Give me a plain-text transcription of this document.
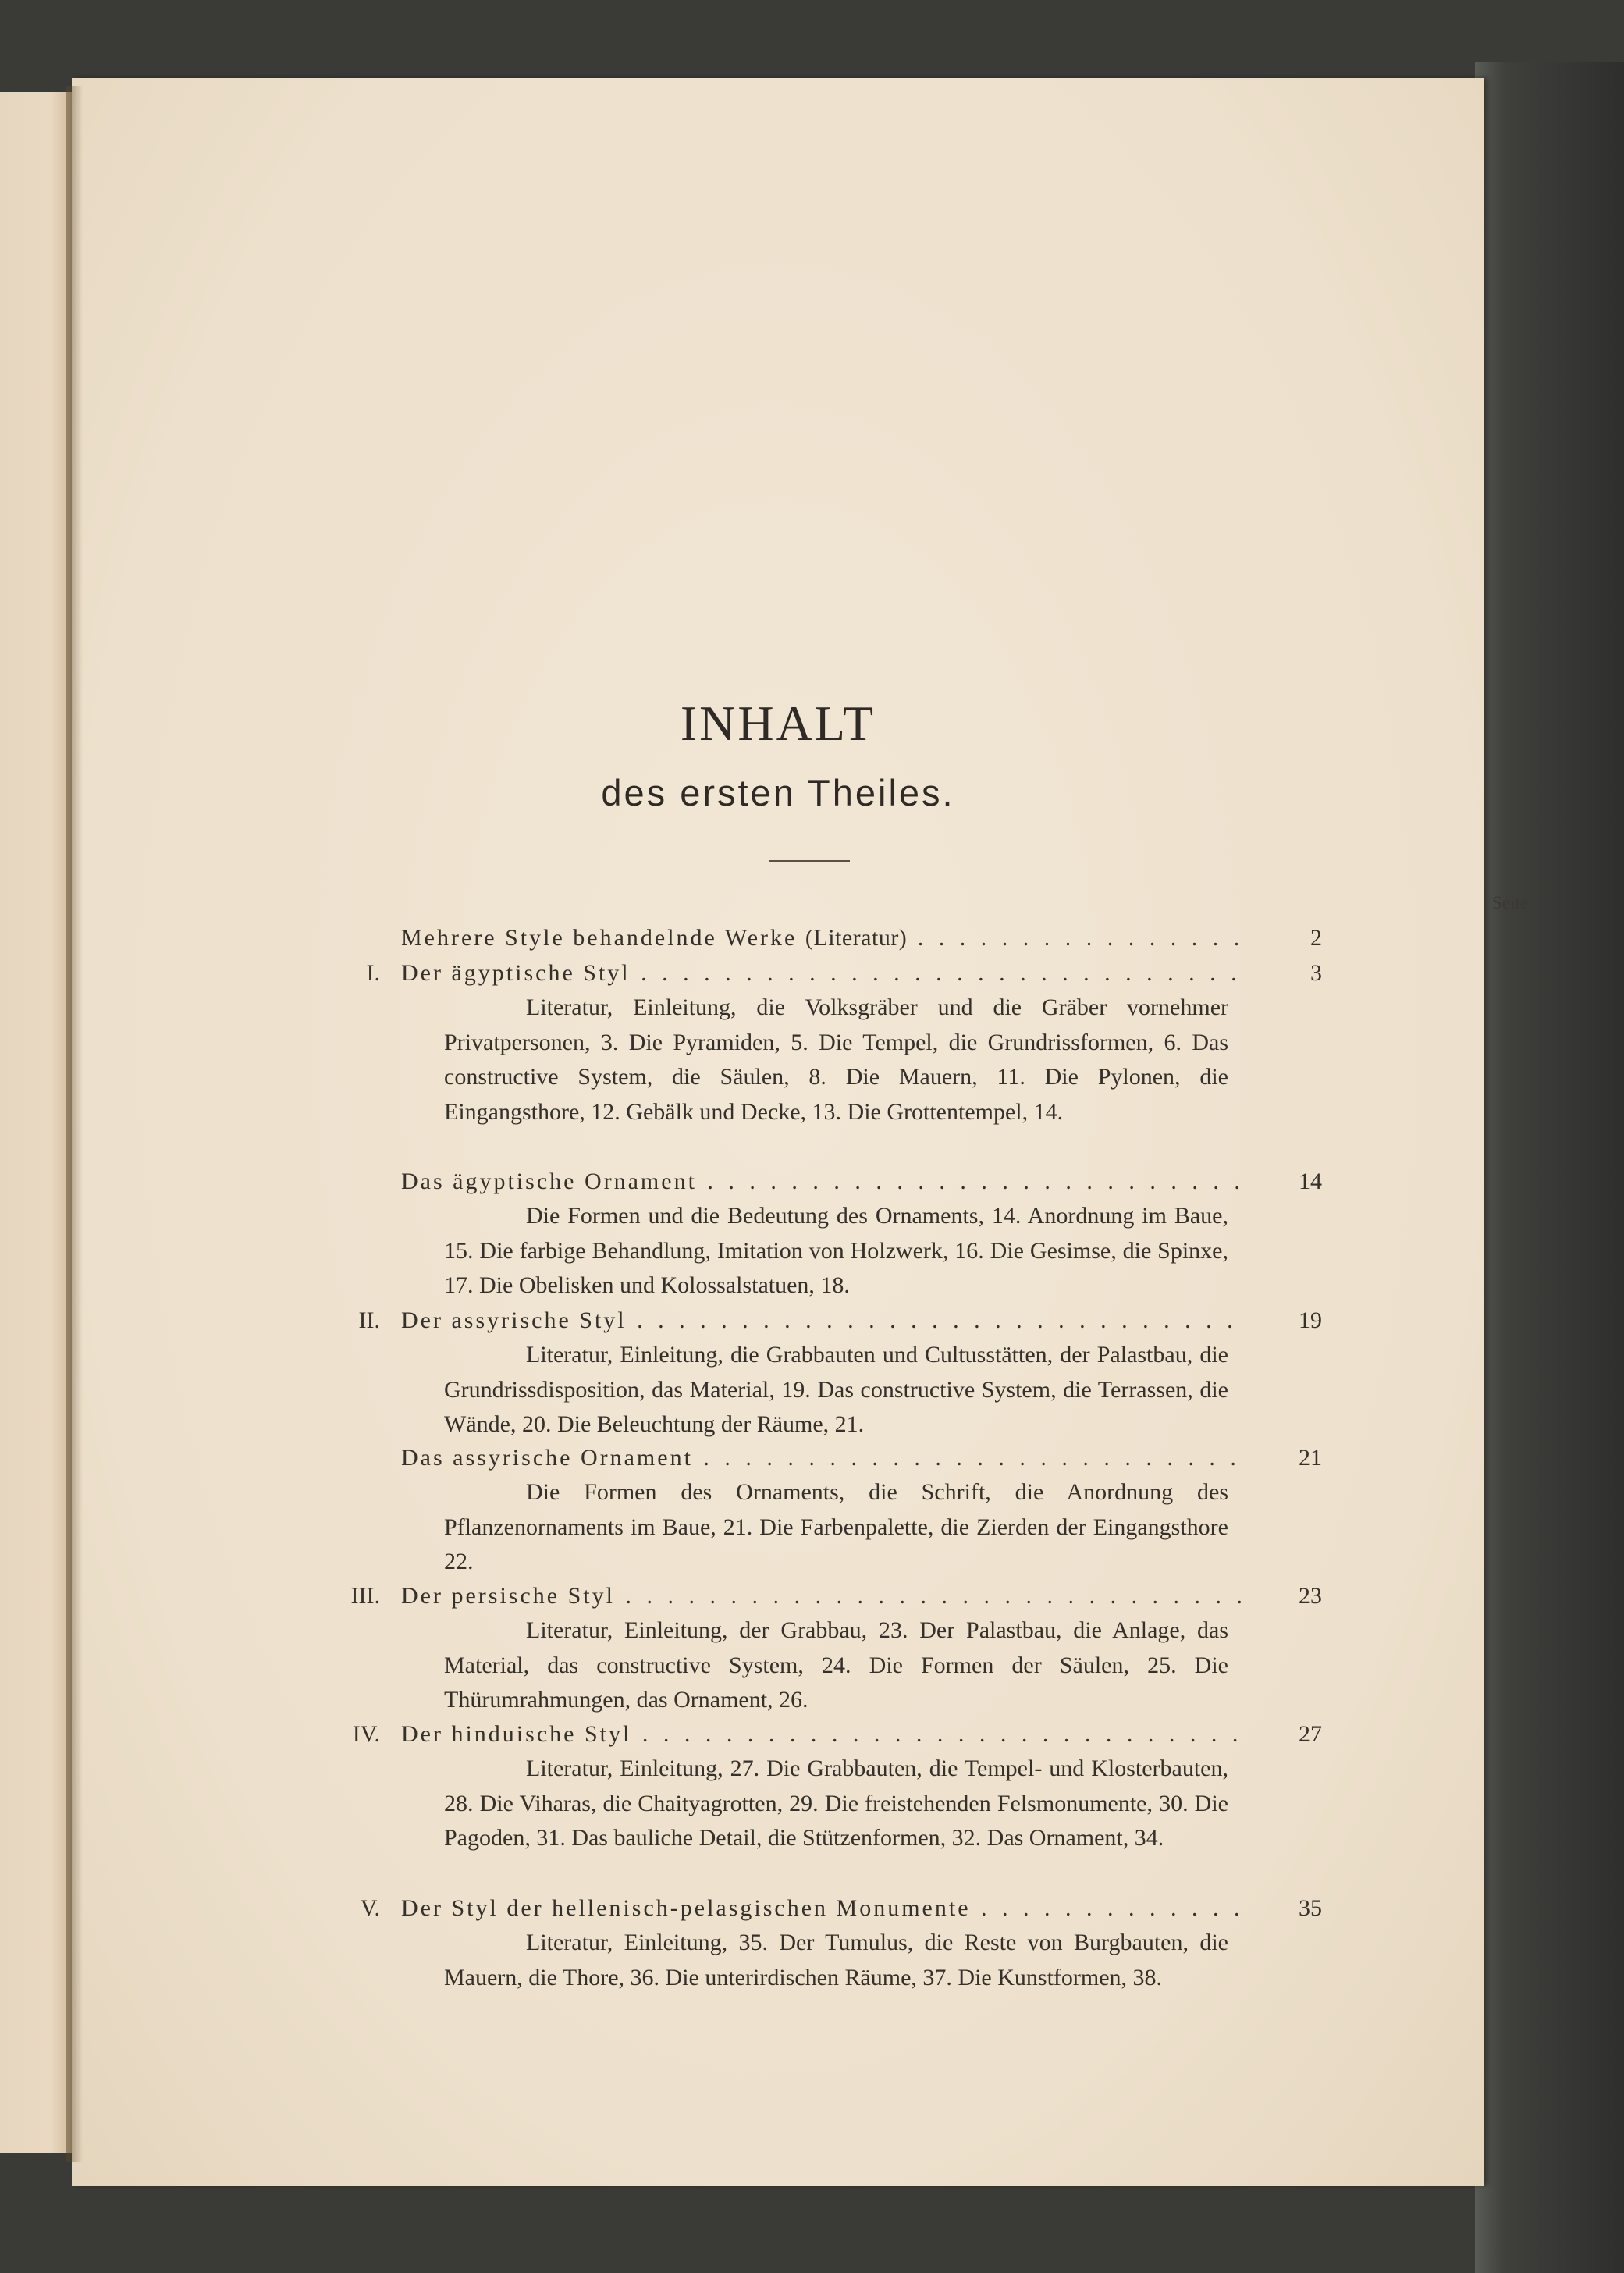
INHALT
des ersten Theiles.
Seite
Mehrere Style behandelnde Werke (Literatur) . . .	2
I. Der ägyptische Styl . . .	3

Literatur, Einleitung, die Volksgräber und die Gräber vornehmer Privatpersonen, 3. Die Pyramiden, 5. Die Tempel, die Grundrissformen, 6. Das constructive System, die Säulen, 8. Die Mauern, 11. Die Pylonen, die Eingangsthore, 12. Gebälk und Decke, 13. Die Grottentempel, 14.

Das ägyptische Ornament . . .	14

Die Formen und die Bedeutung des Ornaments, 14. Anordnung im Baue, 15. Die farbige Behandlung, Imitation von Holzwerk, 16. Die Gesimse, die Spinxe, 17. Die Obelisken und Kolossalstatuen, 18.

II. Der assyrische Styl . . .	19

Literatur, Einleitung, die Grabbauten und Cultusstätten, der Palastbau, die Grundrissdisposition, das Material, 19. Das constructive System, die Terrassen, die Wände, 20. Die Beleuchtung der Räume, 21.

Das assyrische Ornament . . .	21

Die Formen des Ornaments, die Schrift, die Anordnung des Pflanzenornaments im Baue, 21. Die Farbenpalette, die Zierden der Eingangsthore 22.

III. Der persische Styl . . .	23

Literatur, Einleitung, der Grabbau, 23. Der Palastbau, die Anlage, das Material, das constructive System, 24. Die Formen der Säulen, 25. Die Thürumrahmungen, das Ornament, 26.

IV. Der hinduische Styl . . .	27

Literatur, Einleitung, 27. Die Grabbauten, die Tempel- und Klosterbauten, 28. Die Viharas, die Chaityagrotten, 29. Die freistehenden Felsmonumente, 30. Die Pagoden, 31. Das bauliche Detail, die Stützenformen, 32. Das Ornament, 34.

V. Der Styl der hellenisch-pelasgischen Monumente . . .	35

Literatur, Einleitung, 35. Der Tumulus, die Reste von Burgbauten, die Mauern, die Thore, 36. Die unterirdischen Räume, 37. Die Kunstformen, 38.
